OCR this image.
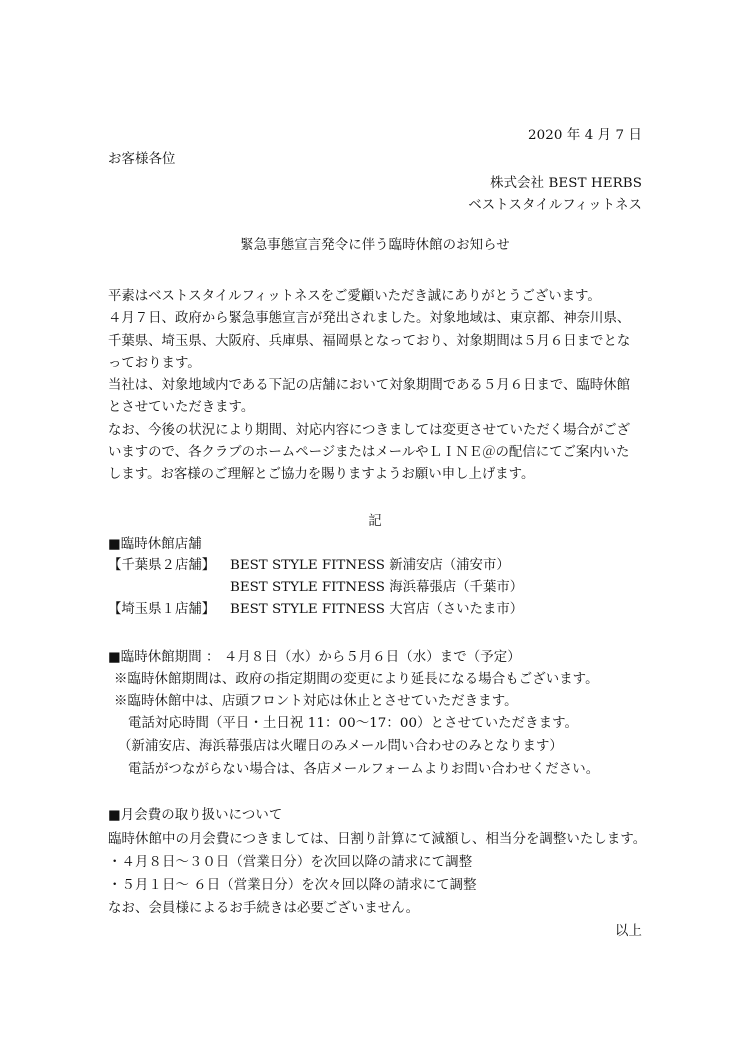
2020 年 4 月 7 日
お客様各位
株式会社 BEST HERBS
ベストスタイルフィットネス
緊急事態宣言発令に伴う臨時休館のお知らせ

平素はベストスタイルフィットネスをご愛顧いただき誠にありがとうございます。

４月７日、政府から緊急事態宣言が発出されました。対象地域は、東京都、神奈川県、千葉県、埼玉県、大阪府、兵庫県、福岡県となっており、対象期間は５月６日までとなっております。

当社は、対象地域内である下記の店舗において対象期間である５月６日まで、臨時休館とさせていただきます。

なお、今後の状況により期間、対応内容につきましては変更させていただく場合がございますので、各クラブのホームページまたはメールやＬＩＮＥ＠の配信にてご案内いたします。お客様のご理解とご協力を賜りますようお願い申し上げます。

記
■臨時休館店舗
【千葉県２店舗】 BEST STYLE FITNESS 新浦安店（浦安市）
BEST STYLE FITNESS 海浜幕張店（千葉市）
【埼玉県１店舗】 BEST STYLE FITNESS 大宮店（さいたま市）
■臨時休館期間 ： ４月８日（水）から５月６日（水）まで（予定）
※臨時休館期間は、政府の指定期間の変更により延長になる場合もございます。
※臨時休館中は、店頭フロント対応は休止とさせていただきます。
電話対応時間（平日・土日祝 11：00～17：00）とさせていただきます。
（新浦安店、海浜幕張店は火曜日のみメール問い合わせのみとなります）
電話がつながらない場合は、各店メールフォームよりお問い合わせください。
■月会費の取り扱いについて
臨時休館中の月会費につきましては、日割り計算にて減額し、相当分を調整いたします。
・４月８日～３０日（営業日分）を次回以降の請求にて調整
・５月１日～ ６日（営業日分）を次々回以降の請求にて調整
なお、会員様によるお手続きは必要ございません。
以上
